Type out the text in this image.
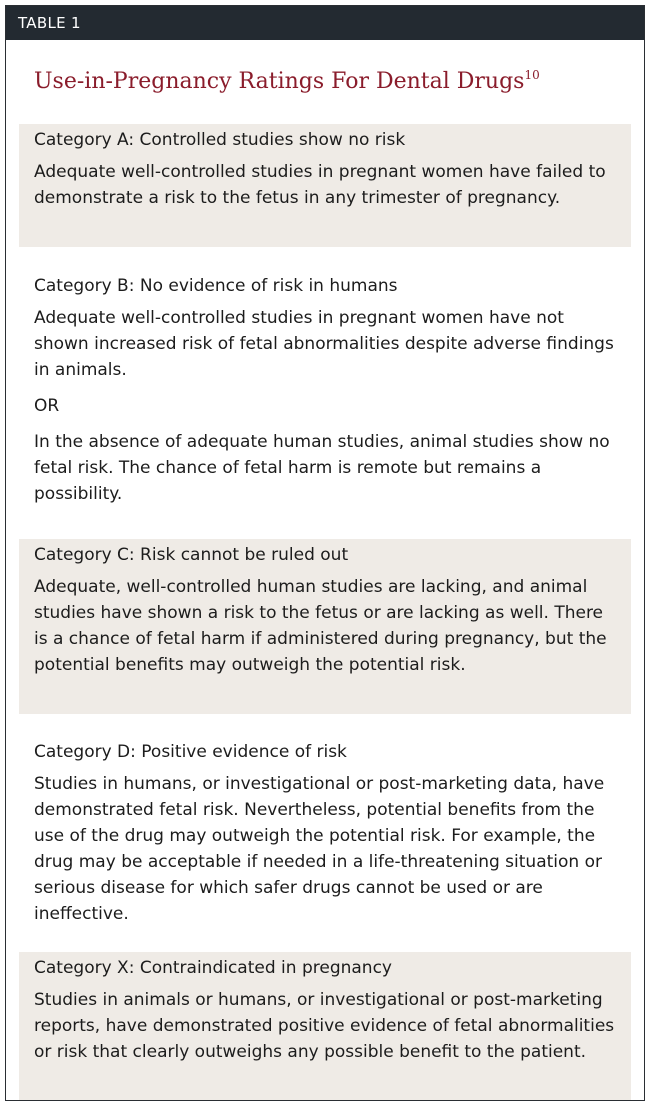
TABLE 1
Use-in-Pregnancy Ratings For Dental Drugs$^{10}$
Category A: Controlled studies show no risk
Adequate well-controlled studies in pregnant women have failed to demonstrate a risk to the fetus in any trimester of pregnancy.
Category B: No evidence of risk in humans
Adequate well-controlled studies in pregnant women have not shown increased risk of fetal abnormalities despite adverse findings in animals.
OR
In the absence of adequate human studies, animal studies show no fetal risk. The chance of fetal harm is remote but remains a possibility.
Category C: Risk cannot be ruled out
Adequate, well-controlled human studies are lacking, and animal studies have shown a risk to the fetus or are lacking as well. There is a chance of fetal harm if administered during pregnancy, but the potential benefits may outweigh the potential risk.
Category D: Positive evidence of risk
Studies in humans, or investigational or post-marketing data, have demonstrated fetal risk. Nevertheless, potential benefits from the use of the drug may outweigh the potential risk. For example, the drug may be acceptable if needed in a life-threatening situation or serious disease for which safer drugs cannot be used or are ineffective.
Category X: Contraindicated in pregnancy
Studies in animals or humans, or investigational or post-marketing reports, have demonstrated positive evidence of fetal abnormalities or risk that clearly outweighs any possible benefit to the patient.
